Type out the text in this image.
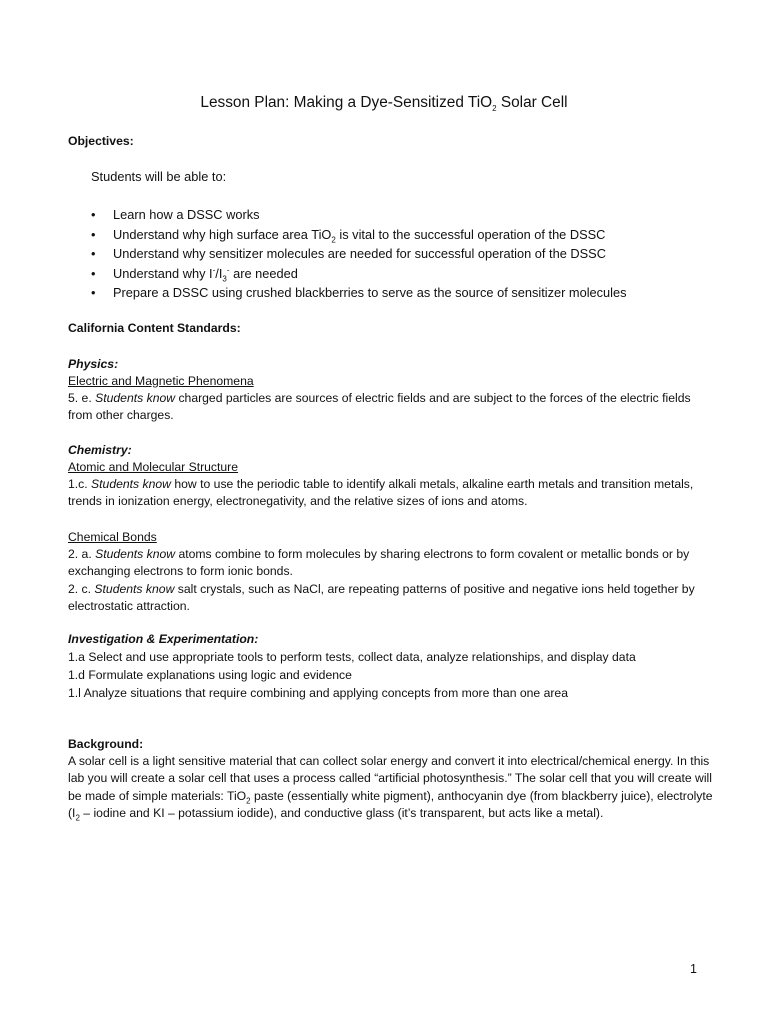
Lesson Plan: Making a Dye-Sensitized TiO$_2$ Solar Cell
Objectives:
Students will be able to:
• Learn how a DSSC works
• Understand why high surface area TiO$_2$ is vital to the successful operation of the DSSC
• Understand why sensitizer molecules are needed for successful operation of the DSSC
• Understand why $I^-/I_3^-$ are needed
• Prepare a DSSC using crushed blackberries to serve as the source of sensitizer molecules
California Content Standards:
Physics:
Electric and Magnetic Phenomena

5. e. Students know charged particles are sources of electric fields and are subject to the forces of the electric fields from other charges.

Chemistry:
Atomic and Molecular Structure

1.c. Students know how to use the periodic table to identify alkali metals, alkaline earth metals and transition metals, trends in ionization energy, electronegativity, and the relative sizes of ions and atoms.

Chemical Bonds

2. a. Students know atoms combine to form molecules by sharing electrons to form covalent or metallic bonds or by exchanging electrons to form ionic bonds.

2. c. Students know salt crystals, such as NaCl, are repeating patterns of positive and negative ions held together by electrostatic attraction.

Investigation & Experimentation:
1.a Select and use appropriate tools to perform tests, collect data, analyze relationships, and display data
1.d Formulate explanations using logic and evidence
1.l Analyze situations that require combining and applying concepts from more than one area
Background:

A solar cell is a light sensitive material that can collect solar energy and convert it into electrical/chemical energy. In this lab you will create a solar cell that uses a process called “artificial photosynthesis.” The solar cell that you will create will be made of simple materials: TiO$_2$ paste (essentially white pigment), anthocyanin dye (from blackberry juice), electrolyte ($I_2$ – iodine and KI – potassium iodide), and conductive glass (it’s transparent, but acts like a metal).

1
